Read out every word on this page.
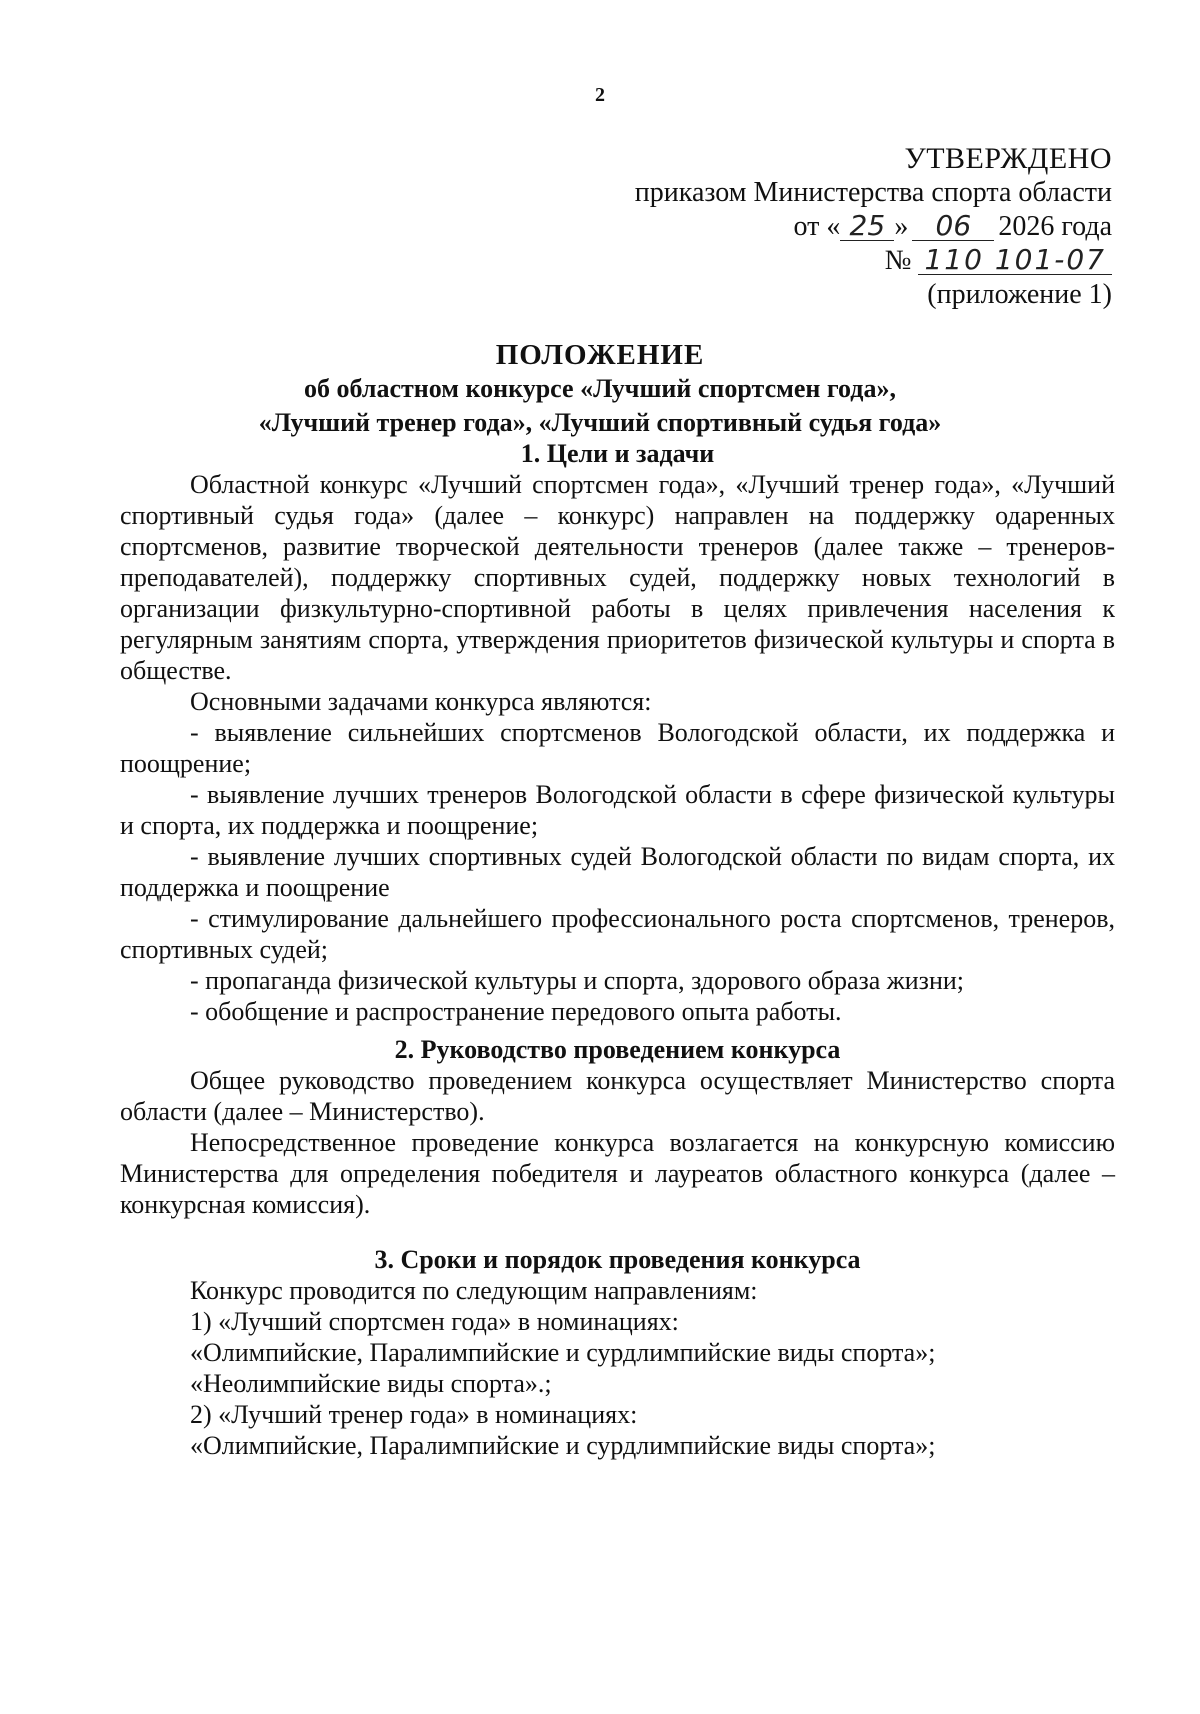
2
УТВЕРЖДЕНО
приказом Министерства спорта области
от « 25 » 06 2026 года
№ 110 101-07
(приложение 1)
ПОЛОЖЕНИЕ
об областном конкурсе «Лучший спортсмен года»,
«Лучший тренер года», «Лучший спортивный судья года»
1. Цели и задачи

Областной конкурс «Лучший спортсмен года», «Лучший тренер года», «Лучший спортивный судья года» (далее – конкурс) направлен на поддержку одаренных спортсменов, развитие творческой деятельности тренеров (далее также – тренеров-преподавателей), поддержку спортивных судей, поддержку новых технологий в организации физкультурно-спортивной работы в целях привлечения населения к регулярным занятиям спорта, утверждения приоритетов физической культуры и спорта в обществе.

Основными задачами конкурса являются:

- выявление сильнейших спортсменов Вологодской области, их поддержка и поощрение;

- выявление лучших тренеров Вологодской области в сфере физической культуры и спорта, их поддержка и поощрение;

- выявление лучших спортивных судей Вологодской области по видам спорта, их поддержка и поощрение

- стимулирование дальнейшего профессионального роста спортсменов, тренеров, спортивных судей;

- пропаганда физической культуры и спорта, здорового образа жизни;

- обобщение и распространение передового опыта работы.

2. Руководство проведением конкурса

Общее руководство проведением конкурса осуществляет Министерство спорта области (далее – Министерство).

Непосредственное проведение конкурса возлагается на конкурсную комиссию Министерства для определения победителя и лауреатов областного конкурса (далее – конкурсная комиссия).

3. Сроки и порядок проведения конкурса

Конкурс проводится по следующим направлениям:

1) «Лучший спортсмен года» в номинациях:

«Олимпийские, Паралимпийские и сурдлимпийские виды спорта»;

«Неолимпийские виды спорта».;

2) «Лучший тренер года» в номинациях:

«Олимпийские, Паралимпийские и сурдлимпийские виды спорта»;
